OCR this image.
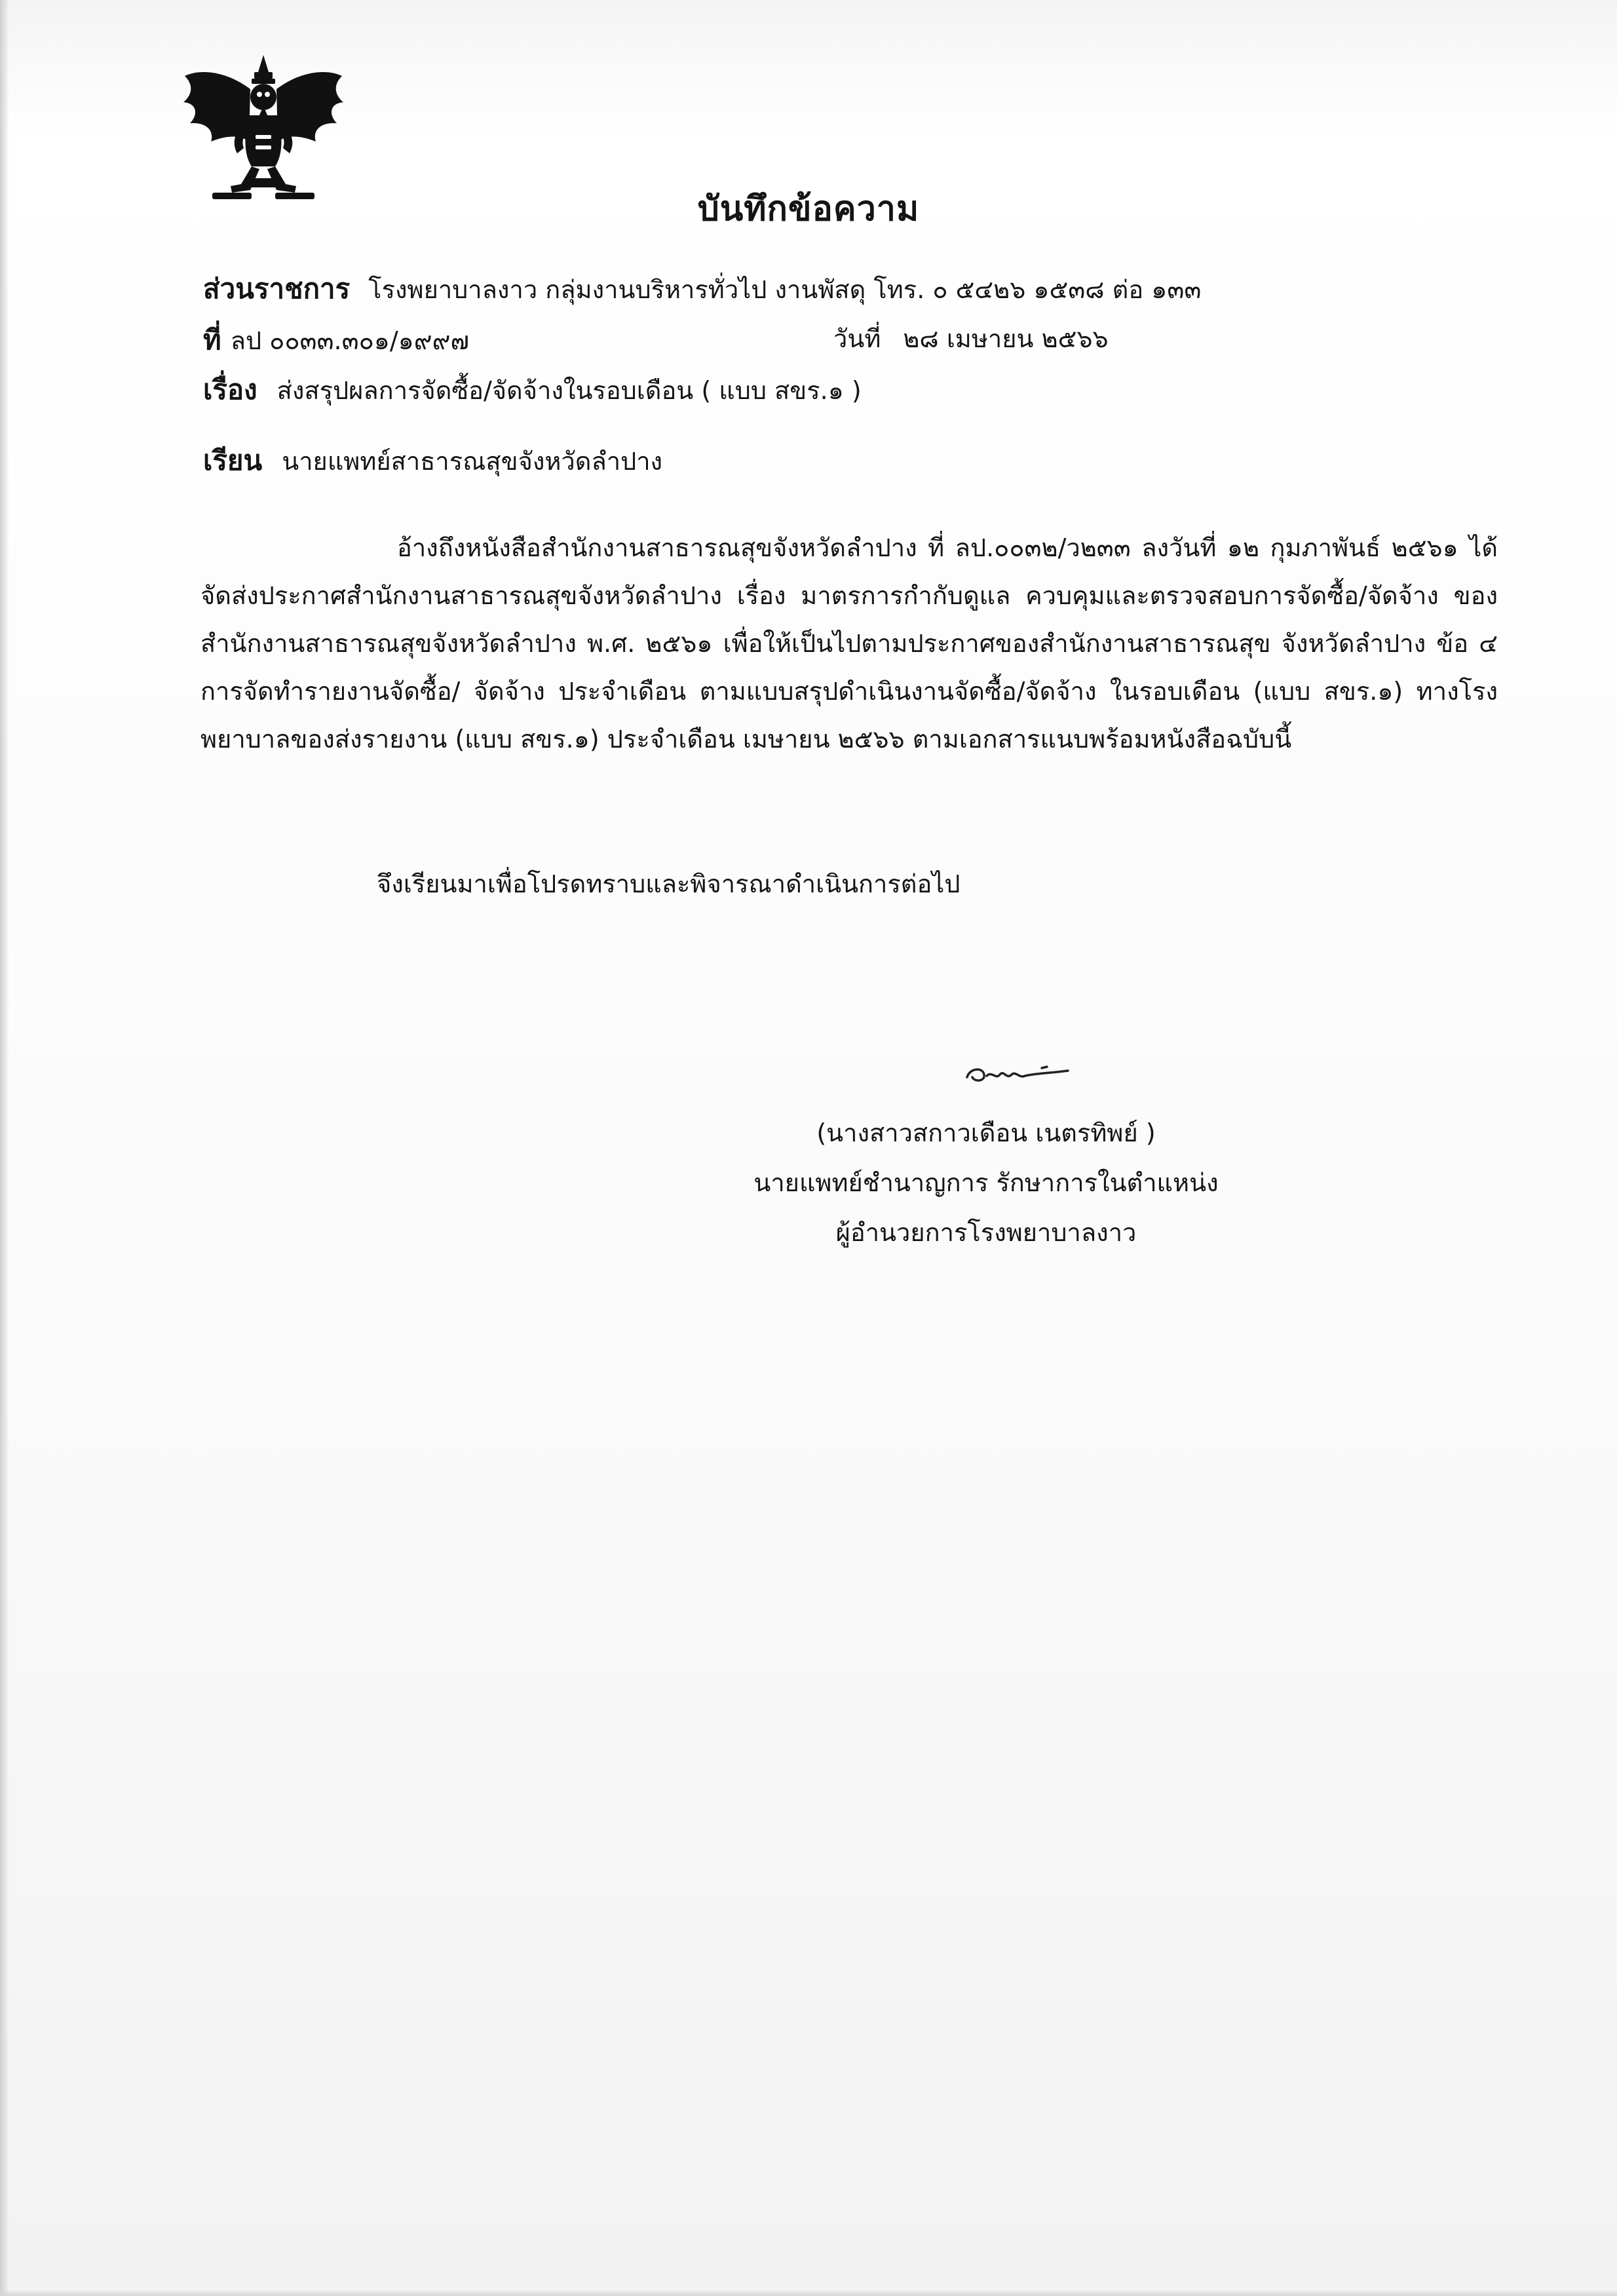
บันทึกข้อความ
ส่วนราชการ โรงพยาบาลงาว กลุ่มงานบริหารทั่วไป งานพัสดุ โทร. ๐ ๕๔๒๖ ๑๕๓๘ ต่อ ๑๓๓
ที่ ลป ๐๐๓๓.๓๐๑/๑๙๙๗	วันที่ ๒๘ เมษายน ๒๕๖๖
เรื่อง ส่งสรุปผลการจัดซื้อ/จัดจ้างในรอบเดือน ( แบบ สขร.๑ )
เรียน นายแพทย์สาธารณสุขจังหวัดลำปาง
อ้างถึงหนังสือสำนักงานสาธารณสุขจังหวัดลำปาง ที่ ลป.๐๐๓๒/ว๒๓๓ ลงวันที่ ๑๒ กุมภาพันธ์ ๒๕๖๑ ได้จัดส่งประกาศสำนักงานสาธารณสุขจังหวัดลำปาง เรื่อง มาตรการกำกับดูแล ควบคุมและตรวจสอบการจัดซื้อ/จัดจ้าง ของสำนักงานสาธารณสุขจังหวัดลำปาง พ.ศ. ๒๕๖๑ เพื่อให้เป็นไปตามประกาศของสำนักงานสาธารณสุข จังหวัดลำปาง ข้อ ๔ การจัดทำรายงานจัดซื้อ/ จัดจ้าง ประจำเดือน ตามแบบสรุปดำเนินงานจัดซื้อ/จัดจ้าง ในรอบเดือน (แบบ สขร.๑) ทางโรงพยาบาลของส่งรายงาน (แบบ สขร.๑) ประจำเดือน เมษายน ๒๕๖๖ ตามเอกสารแนบพร้อมหนังสือฉบับนี้
จึงเรียนมาเพื่อโปรดทราบและพิจารณาดำเนินการต่อไป
(นางสาวสกาวเดือน เนตรทิพย์ )
นายแพทย์ชำนาญการ รักษาการในตำแหน่ง
ผู้อำนวยการโรงพยาบาลงาว
